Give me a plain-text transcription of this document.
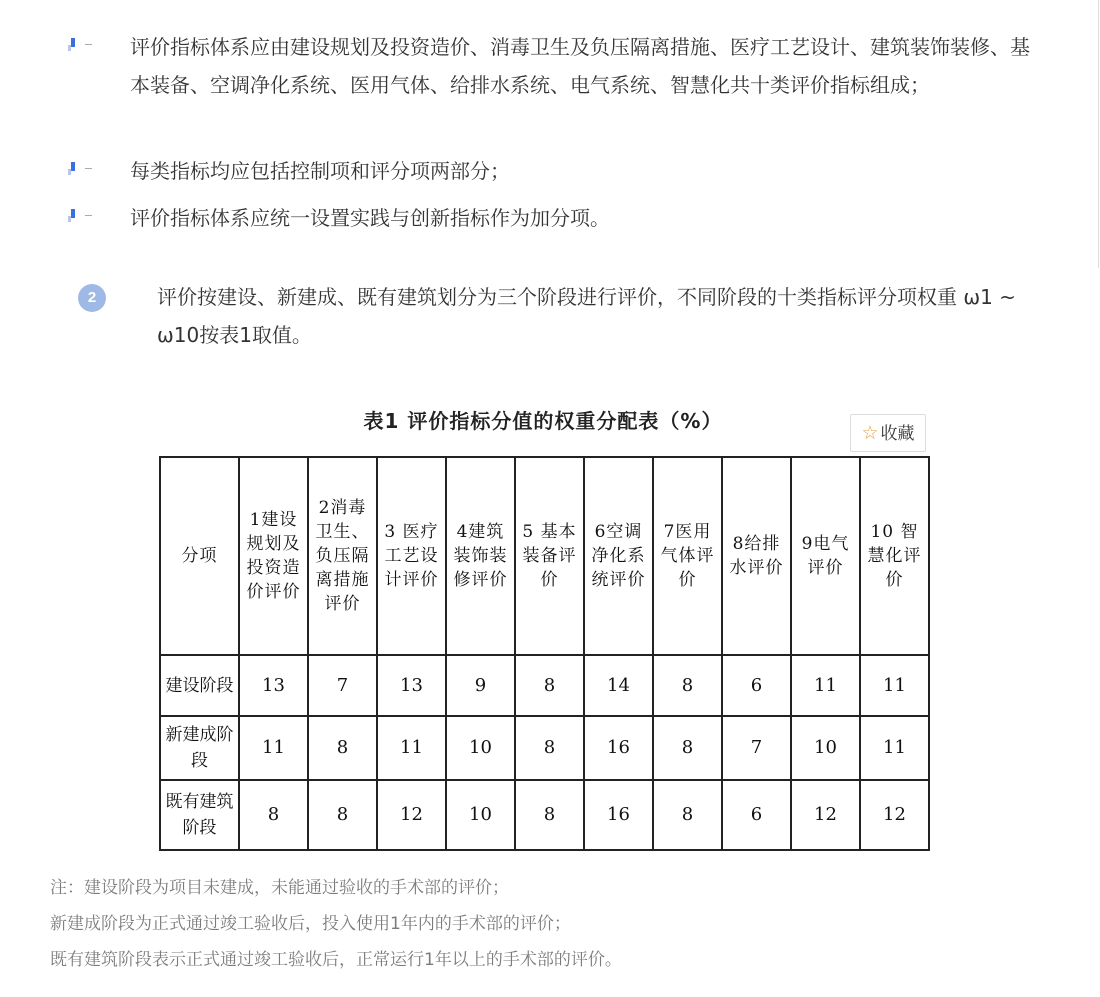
评价指标体系应由建设规划及投资造价、消毒卫生及负压隔离措施、医疗工艺设计、建筑装饰装修、基本装备、空调净化系统、医用气体、给排水系统、电气系统、智慧化共十类评价指标组成；
每类指标均应包括控制项和评分项两部分；
评价指标体系应统一设置实践与创新指标作为加分项。
2	评价按建设、新建成、既有建筑划分为三个阶段进行评价，不同阶段的十类指标评分项权重 ω1 ~ ω10按表1取值。
表1 评价指标分值的权重分配表（%）	☆ 收藏
分项	1建设规划及投资造价评价	2消毒卫生、负压隔离措施评价	3 医疗工艺设计评价	4建筑装饰装修评价	5 基本装备评价	6空调净化系统评价	7医用气体评价	8给排水评价	9电气评价	10 智慧化评价
建设阶段	13	7	13	9	8	14	8	6	11	11
新建成阶段	11	8	11	10	8	16	8	7	10	11
既有建筑阶段	8	8	12	10	8	16	8	6	12	12
注：建设阶段为项目未建成，未能通过验收的手术部的评价；
新建成阶段为正式通过竣工验收后，投入使用1年内的手术部的评价；
既有建筑阶段表示正式通过竣工验收后，正常运行1年以上的手术部的评价。
